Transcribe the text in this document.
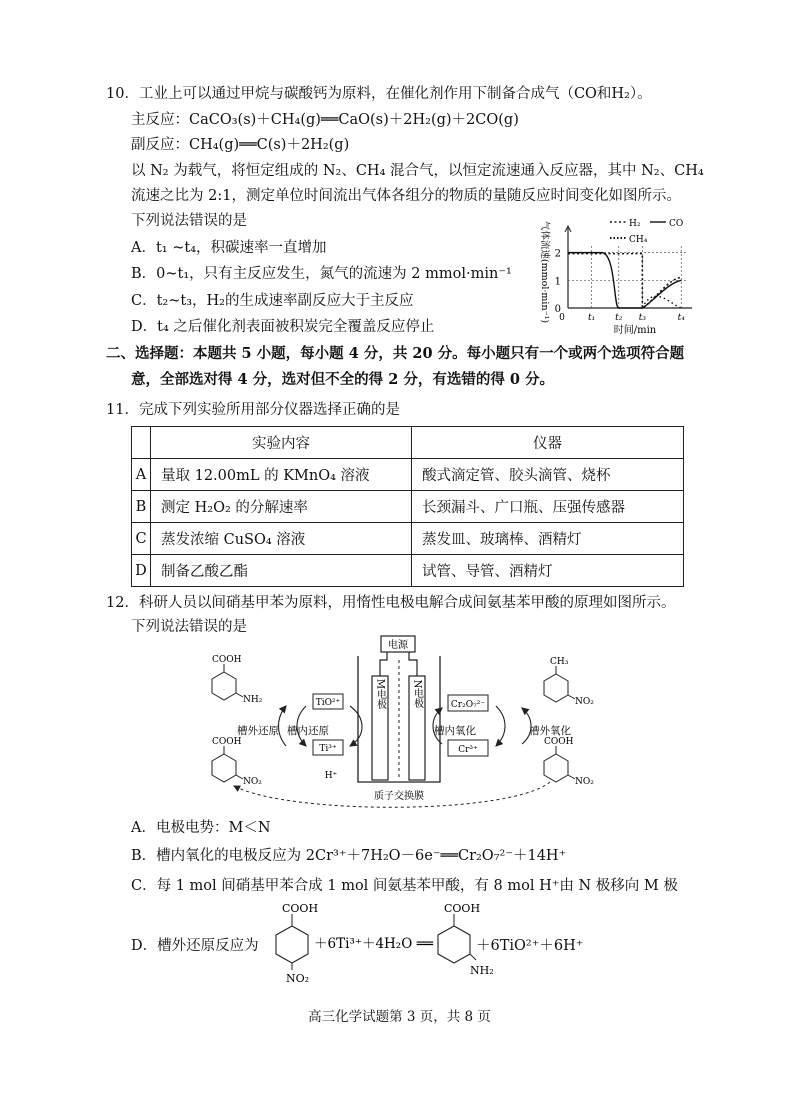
10．工业上可以通过甲烷与碳酸钙为原料，在催化剂作用下制备合成气（CO和H₂）。
主反应：CaCO₃(s)＋CH₄(g)══CaO(s)＋2H₂(g)＋2CO(g)
副反应：CH₄(g)══C(s)＋2H₂(g)
以 N₂ 为载气，将恒定组成的 N₂、CH₄ 混合气，以恒定流速通入反应器，其中 N₂、CH₄
流速之比为 2:1，测定单位时间流出气体各组分的物质的量随反应时间变化如图所示。
下列说法错误的是
A．t₁ ~t₄，积碳速率一直增加
B．0~t₁，只有主反应发生，氮气的流速为 2 mmol·min⁻¹
C．t₂~t₃，H₂的生成速率副反应大于主反应
D．t₄ 之后催化剂表面被积炭完全覆盖反应停止
0
1
2
t₁ t₂ t₃	t₄
0
H₂	CO
CH₄
时间/min
气体流速(mmol·min⁻¹)
二、选择题：本题共 5 小题，每小题 4 分，共 20 分。每小题只有一个或两个选项符合题
意，全部选对得 4 分，选对但不全的得 2 分，有选错的得 0 分。
11．完成下列实验所用部分仪器选择正确的是
	实验内容	仪器
A	量取 12.00mL 的 KMnO₄ 溶液	酸式滴定管、胶头滴管、烧杯
B	测定 H₂O₂ 的分解速率	长颈漏斗、广口瓶、压强传感器
C	蒸发浓缩 CuSO₄ 溶液	蒸发皿、玻璃棒、酒精灯
D	制备乙酸乙酯	试管、导管、酒精灯
12．科研人员以间硝基甲苯为原料，用惰性电极电解合成间氨基苯甲酸的原理如图所示。
下列说法错误的是
电源
M电极	N电极
质子交换膜
TiO²⁺
Ti³⁺
H⁺
槽内还原
Cr₂O₇²⁻
Cr³⁺
槽内氧化
槽外还原	槽外氧化
COOH
NH₂
COOH
NO₂
CH₃
NO₂
COOH
NO₂
A．电极电势：M＜N
B．槽内氧化的电极反应为 2Cr³⁺＋7H₂O－6e⁻══Cr₂O₇²⁻＋14H⁺
C．每 1 mol 间硝基甲苯合成 1 mol 间氨基苯甲酸，有 8 mol H⁺由 N 极移向 M 极
D．槽外还原反应为
COOH
NO₂
＋6Ti³⁺＋4H₂O ══
COOH
NH₂
＋6TiO²⁺＋6H⁺
高三化学试题第 3 页，共 8 页
